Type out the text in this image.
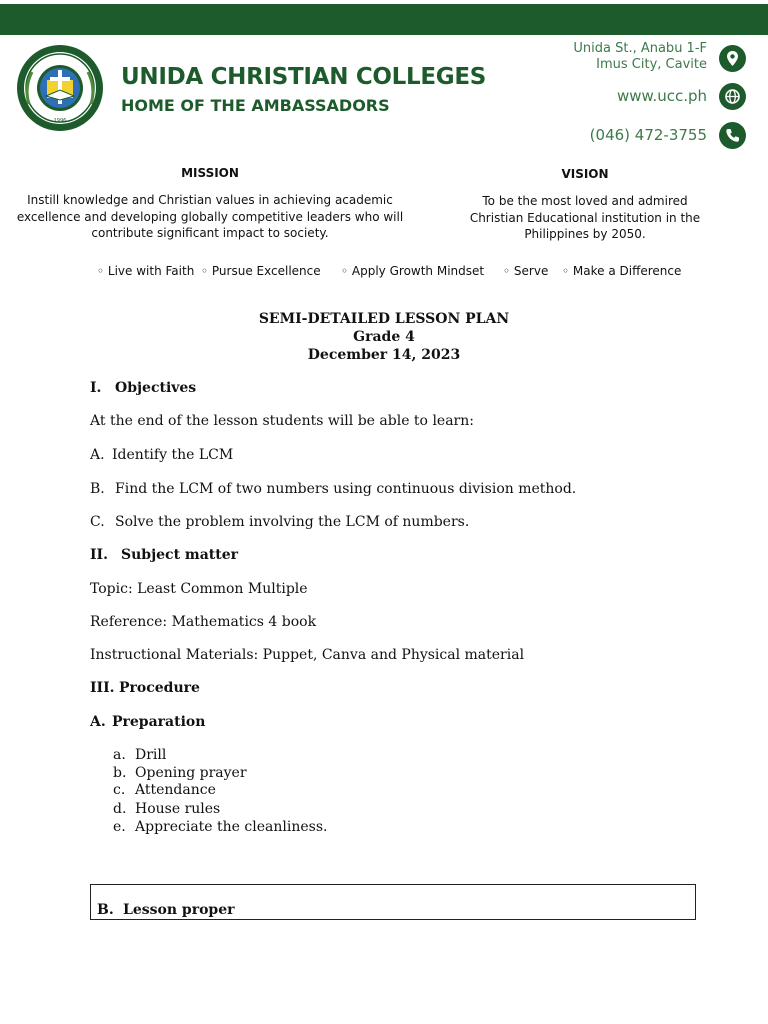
1996
UNIDA CHRISTIAN COLLEGES
HOME OF THE AMBASSADORS
Unida St., Anabu 1-F
Imus City, Cavite
www.ucc.ph
(046) 472-3755
MISSION
Instill knowledge and Christian values in achieving academic
excellence and developing globally competitive leaders who will
contribute significant impact to society.
VISION
To be the most loved and admired
Christian Educational institution in the
Philippines by 2050.
◦ Live with Faith ◦ Pursue Excellence ◦ Apply Growth Mindset ◦ Serve ◦ Make a Difference
SEMI-DETAILED LESSON PLAN
Grade 4
December 14, 2023
I. Objectives
At the end of the lesson students will be able to learn:
A. Identify the LCM
B. Find the LCM of two numbers using continuous division method.
C. Solve the problem involving the LCM of numbers.
II. Subject matter
Topic: Least Common Multiple
Reference: Mathematics 4 book
Instructional Materials: Puppet, Canva and Physical material
III. Procedure
A. Preparation
a. Drill
b. Opening prayer
c. Attendance
d. House rules
e. Appreciate the cleanliness.
B. Lesson proper
